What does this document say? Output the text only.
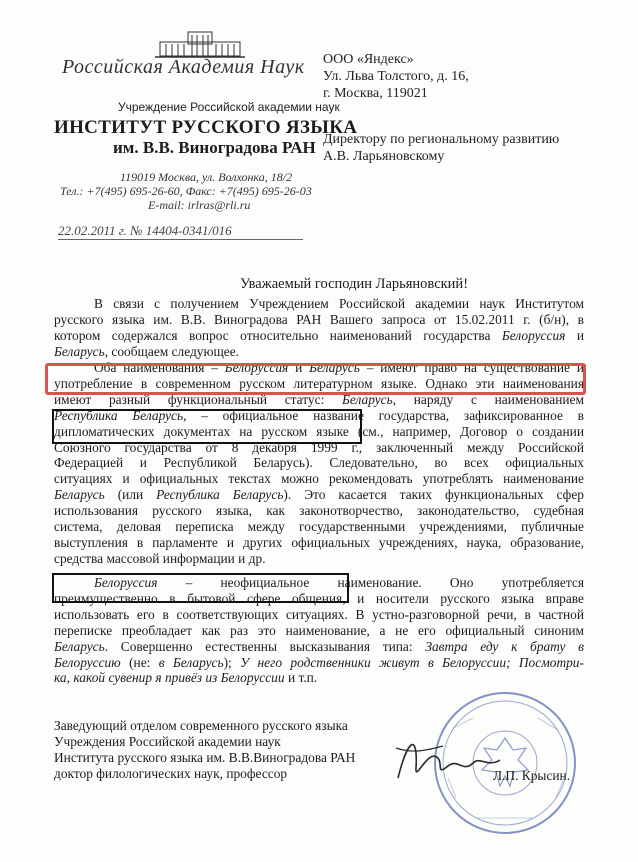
Российская Академия Наук
Учреждение Российской академии наук
ИНСТИТУТ РУССКОГО ЯЗЫКА
им. В.В. Виноградова РАН
119019 Москва, ул. Волхонка, 18/2
Тел.: +7(495) 695-26-60, Факс: +7(495) 695-26-03
E-mail: irlras@rli.ru
22.02.2011 г. № 14404-0341/016
ООО «Яндекс»
Ул. Льва Толстого, д. 16,
г. Москва, 119021
Директору по региональному развитию
А.В. Ларьяновскому
Уважаемый господин Ларьяновский!
В связи с получением Учреждением Российской академии наук Институтом
русского языка им. В.В. Виноградова РАН Вашего запроса от 15.02.2011 г. (б/н), в
котором содержался вопрос относительно наименований государства Белоруссия и
Беларусь, сообщаем следующее.
Оба наименования – Белоруссия и Беларусь – имеют право на существование и
употребление в современном русском литературном языке. Однако эти наименования
имеют разный функциональный статус: Беларусь, наряду с наименованием
Республика Беларусь, – официальное название государства, зафиксированное в
дипломатических документах на русском языке (см., например, Договор о создании
Союзного государства от 8 декабря 1999 г., заключенный между Российской
Федерацией и Республикой Беларусь). Следовательно, во всех официальных
ситуациях и официальных текстах можно рекомендовать употреблять наименование
Беларусь (или Республика Беларусь). Это касается таких функциональных сфер
использования русского языка, как законотворчество, законодательство, судебная
система, деловая переписка между государственными учреждениями, публичные
выступления в парламенте и других официальных учреждениях, наука, образование,
средства массовой информации и др.
Белоруссия – неофициальное наименование. Оно употребляется
преимущественно в бытовой сфере общения, и носители русского языка вправе
использовать его в соответствующих ситуациях. В устно-разговорной речи, в частной
переписке преобладает как раз это наименование, а не его официальный синоним
Беларусь. Совершенно естественны высказывания типа: Завтра еду к брату в
Белоруссию (не: в Беларусь); У него родственники живут в Белоруссии; Посмотри-
ка, какой сувенир я привёз из Белоруссии и т.п.
Заведующий отделом современного русского языка
Учреждения Российской академии наук
Института русского языка им. В.В.Виноградова РАН
доктор филологических наук, профессор	Л.П. Крысин.
